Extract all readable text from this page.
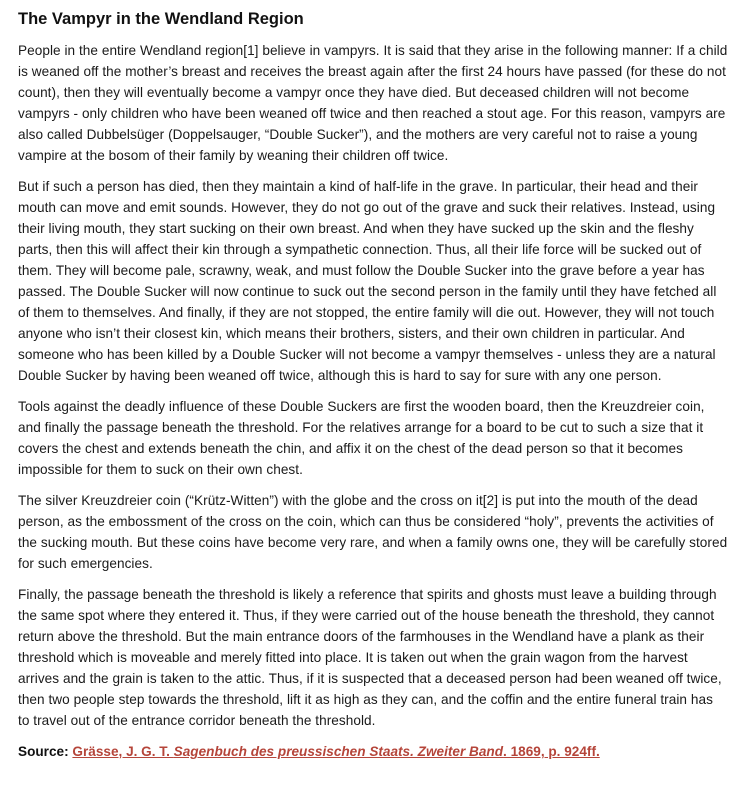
The Vampyr in the Wendland Region

People in the entire Wendland region[1] believe in vampyrs. It is said that they arise in the following manner: If a child is weaned off the mother’s breast and receives the breast again after the first 24 hours have passed (for these do not count), then they will eventually become a vampyr once they have died. But deceased children will not become vampyrs - only children who have been weaned off twice and then reached a stout age. For this reason, vampyrs are also called Dubbelsüger (Doppelsauger, “Double Sucker”), and the mothers are very careful not to raise a young vampire at the bosom of their family by weaning their children off twice.

But if such a person has died, then they maintain a kind of half-life in the grave. In particular, their head and their mouth can move and emit sounds. However, they do not go out of the grave and suck their relatives. Instead, using their living mouth, they start sucking on their own breast. And when they have sucked up the skin and the fleshy parts, then this will affect their kin through a sympathetic connection. Thus, all their life force will be sucked out of them. They will become pale, scrawny, weak, and must follow the Double Sucker into the grave before a year has passed. The Double Sucker will now continue to suck out the second person in the family until they have fetched all of them to themselves. And finally, if they are not stopped, the entire family will die out. However, they will not touch anyone who isn’t their closest kin, which means their brothers, sisters, and their own children in particular. And someone who has been killed by a Double Sucker will not become a vampyr themselves - unless they are a natural Double Sucker by having been weaned off twice, although this is hard to say for sure with any one person.

Tools against the deadly influence of these Double Suckers are first the wooden board, then the Kreuzdreier coin, and finally the passage beneath the threshold. For the relatives arrange for a board to be cut to such a size that it covers the chest and extends beneath the chin, and affix it on the chest of the dead person so that it becomes impossible for them to suck on their own chest.

The silver Kreuzdreier coin (“Krütz-Witten”) with the globe and the cross on it[2] is put into the mouth of the dead person, as the embossment of the cross on the coin, which can thus be considered “holy”, prevents the activities of the sucking mouth. But these coins have become very rare, and when a family owns one, they will be carefully stored for such emergencies.

Finally, the passage beneath the threshold is likely a reference that spirits and ghosts must leave a building through the same spot where they entered it. Thus, if they were carried out of the house beneath the threshold, they cannot return above the threshold. But the main entrance doors of the farmhouses in the Wendland have a plank as their threshold which is moveable and merely fitted into place. It is taken out when the grain wagon from the harvest arrives and the grain is taken to the attic. Thus, if it is suspected that a deceased person had been weaned off twice, then two people step towards the threshold, lift it as high as they can, and the coffin and the entire funeral train has to travel out of the entrance corridor beneath the threshold.

Source: Grässe, J. G. T. Sagenbuch des preussischen Staats. Zweiter Band. 1869, p. 924ff.
